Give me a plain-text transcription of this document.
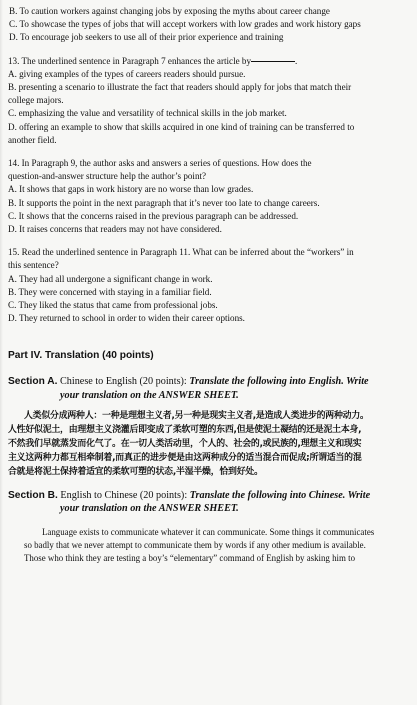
B. To caution workers against changing jobs by exposing the myths about career change
C. To showcase the types of jobs that will accept workers with low grades and work history gaps
D. To encourage job seekers to use all of their prior experience and training
13. The underlined sentence in Paragraph 7 enhances the article by	.
A. giving examples of the types of careers readers should pursue.
B. presenting a scenario to illustrate the fact that readers should apply for jobs that match their
college majors.
C. emphasizing the value and versatility of technical skills in the job market.
D. offering an example to show that skills acquired in one kind of training can be transferred to
another field.
14. In Paragraph 9, the author asks and answers a series of questions. How does the
question-and-answer structure help the author’s point?
A. It shows that gaps in work history are no worse than low grades.
B. It supports the point in the next paragraph that it’s never too late to change careers.
C. It shows that the concerns raised in the previous paragraph can be addressed.
D. It raises concerns that readers may not have considered.
15. Read the underlined sentence in Paragraph 11. What can be inferred about the “workers” in
this sentence?
A. They had all undergone a significant change in work.
B. They were concerned with staying in a familiar field.
C. They liked the status that came from professional jobs.
D. They returned to school in order to widen their career options.
Part IV. Translation (40 points)
Section A. Chinese to English (20 points): Translate the following into English. Write
your translation on the ANSWER SHEET.
人类似分成两种人：一种是理想主义者,另一种是现实主义者,是造成人类进步的两种动力。
人性好似泥土，由理想主义浇灌后即变成了柔软可塑的东西,但是使泥土凝结的还是泥土本身,
不然我们早就蒸发而化气了。在一切人类活动里，个人的、社会的,或民族的,理想主义和现实
主义这两种力都互相牵制着,而真正的进步便是由这两种成分的适当混合而促成;所谓适当的混
合就是将泥土保持着适宜的柔软可塑的状态,半湿半燥，恰到好处。
Section B. English to Chinese (20 points): Translate the following into Chinese. Write
your translation on the ANSWER SHEET.
Language exists to communicate whatever it can communicate. Some things it communicates
so badly that we never attempt to communicate them by words if any other medium is available.
Those who think they are testing a boy’s “elementary” command of English by asking him to
